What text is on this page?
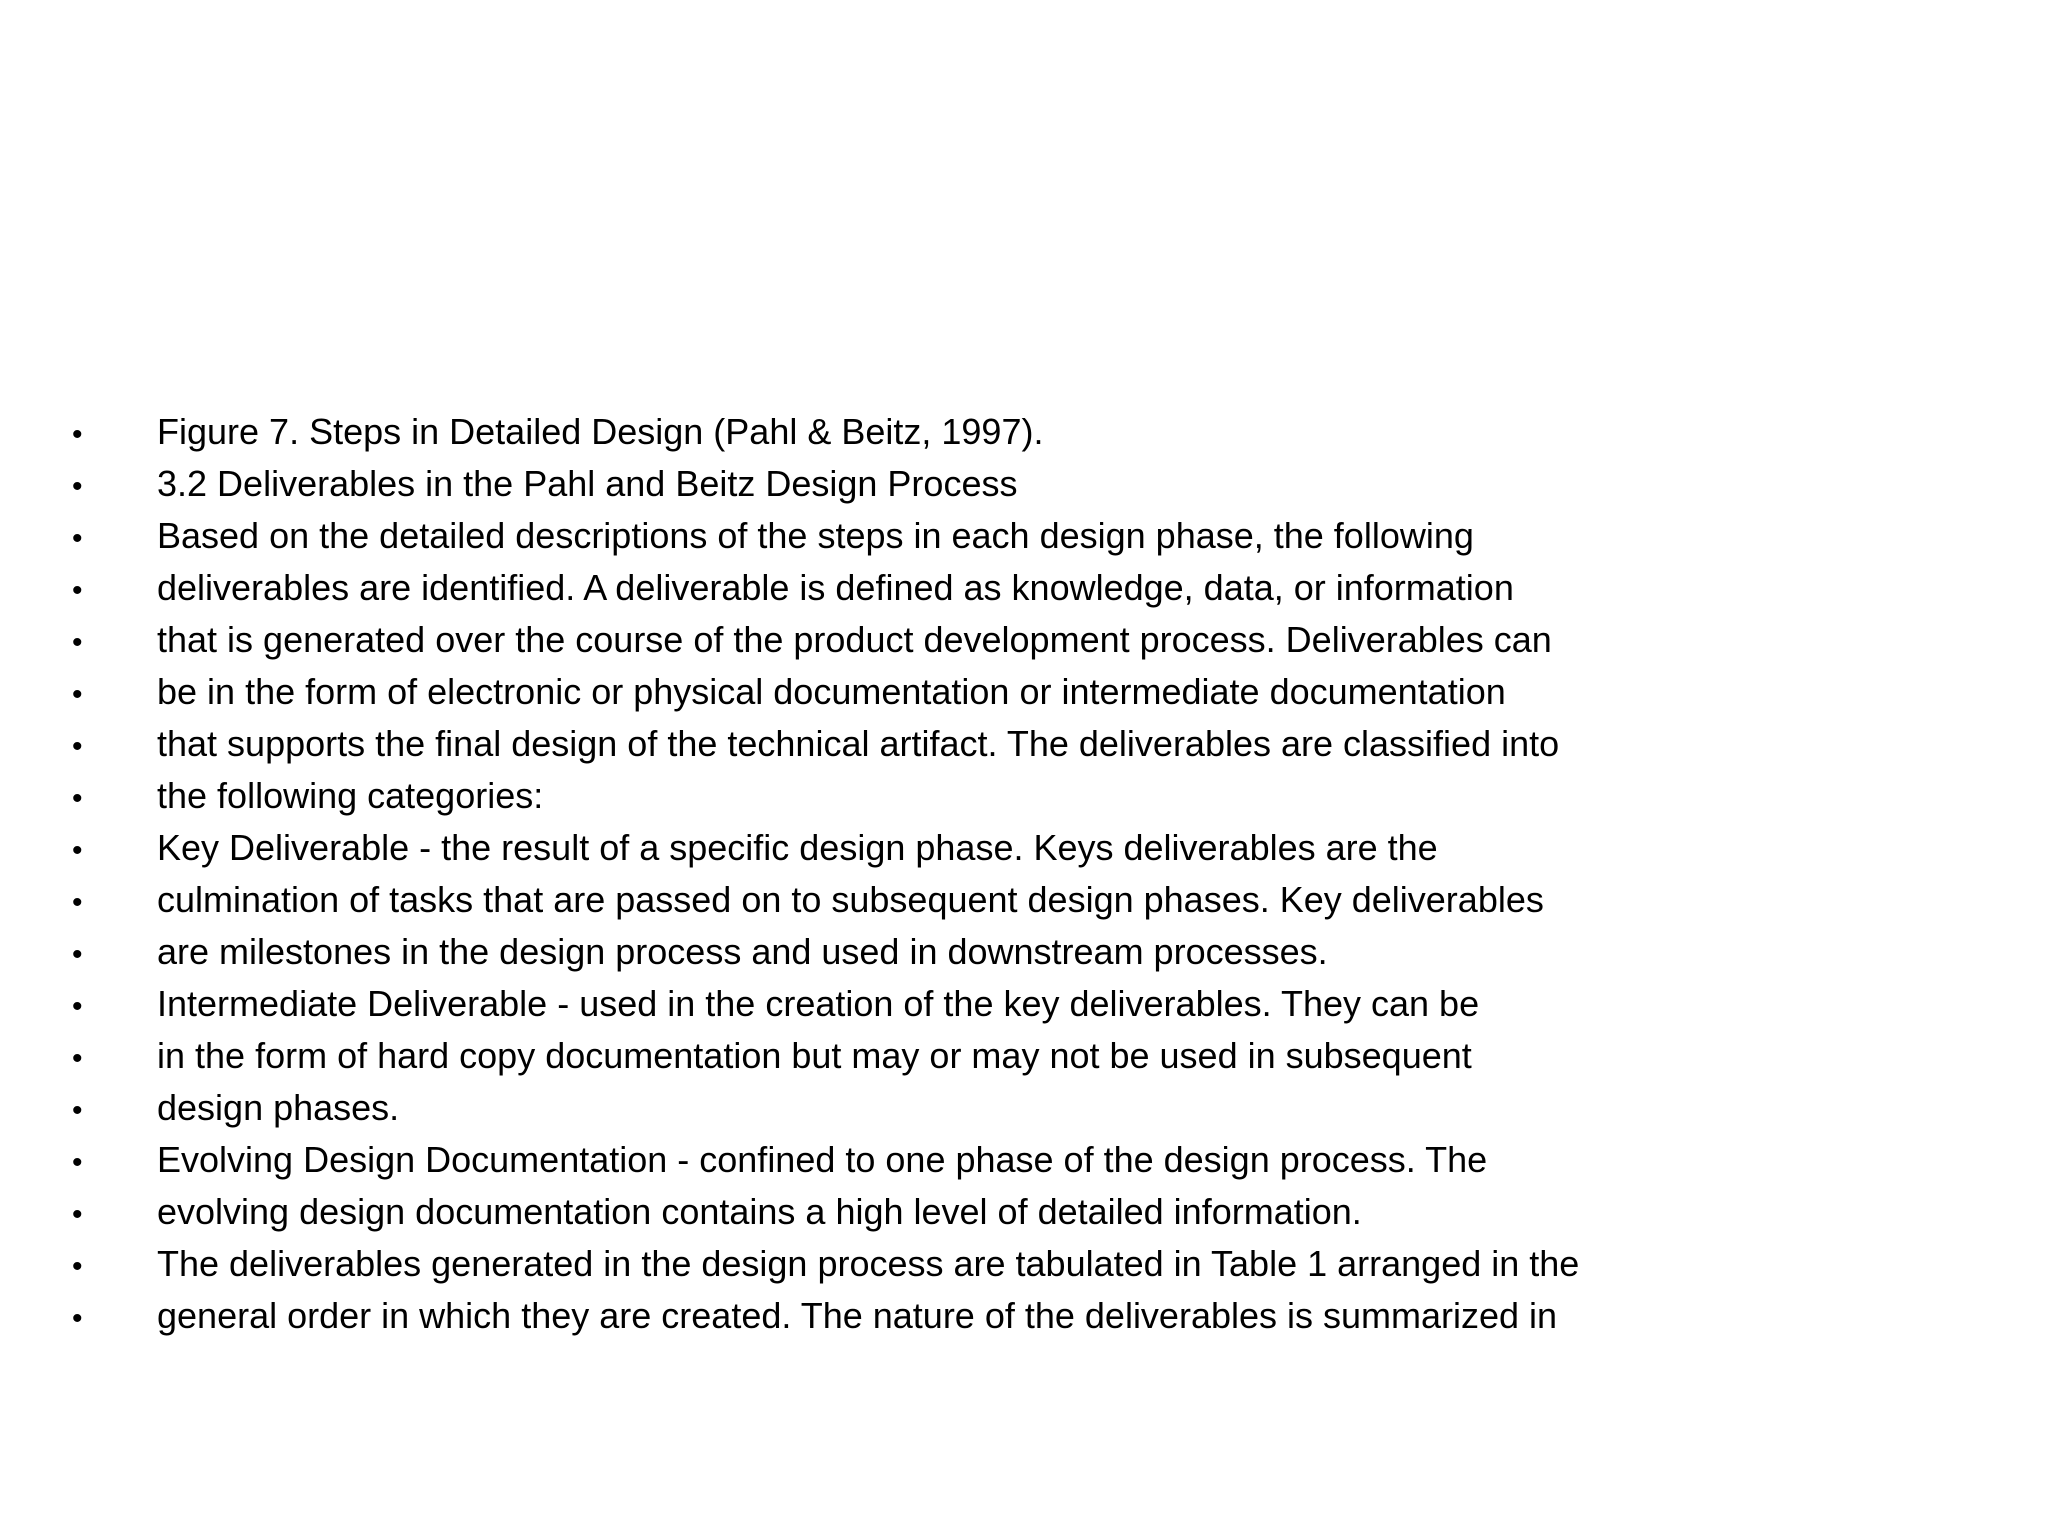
•	Figure 7. Steps in Detailed Design (Pahl & Beitz, 1997).
•	3.2 Deliverables in the Pahl and Beitz Design Process
•	Based on the detailed descriptions of the steps in each design phase, the following
•	deliverables are identified. A deliverable is defined as knowledge, data, or information
•	that is generated over the course of the product development process. Deliverables can
•	be in the form of electronic or physical documentation or intermediate documentation
•	that supports the final design of the technical artifact. The deliverables are classified into
•	the following categories:
•	Key Deliverable - the result of a specific design phase. Keys deliverables are the
•	culmination of tasks that are passed on to subsequent design phases. Key deliverables
•	are milestones in the design process and used in downstream processes.
•	Intermediate Deliverable - used in the creation of the key deliverables. They can be
•	in the form of hard copy documentation but may or may not be used in subsequent
•	design phases.
•	Evolving Design Documentation - confined to one phase of the design process. The
•	evolving design documentation contains a high level of detailed information.
•	The deliverables generated in the design process are tabulated in Table 1 arranged in the
•	general order in which they are created. The nature of the deliverables is summarized in
